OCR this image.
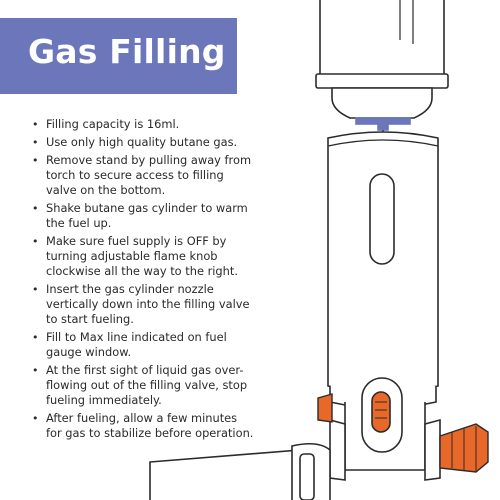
Gas Filling
• Filling capacity is 16ml.
• Use only high quality butane gas.
• Remove stand by pulling away from torch to secure access to filling valve on the bottom.
• Shake butane gas cylinder to warm the fuel up.
• Make sure fuel supply is OFF by turning adjustable flame knob clockwise all the way to the right.
• Insert the gas cylinder nozzle vertically down into the filling valve to start fueling.
• Fill to Max line indicated on fuel gauge window.
• At the first sight of liquid gas over-flowing out of the filling valve, stop fueling immediately.
• After fueling, allow a few minutes for gas to stabilize before operation.
